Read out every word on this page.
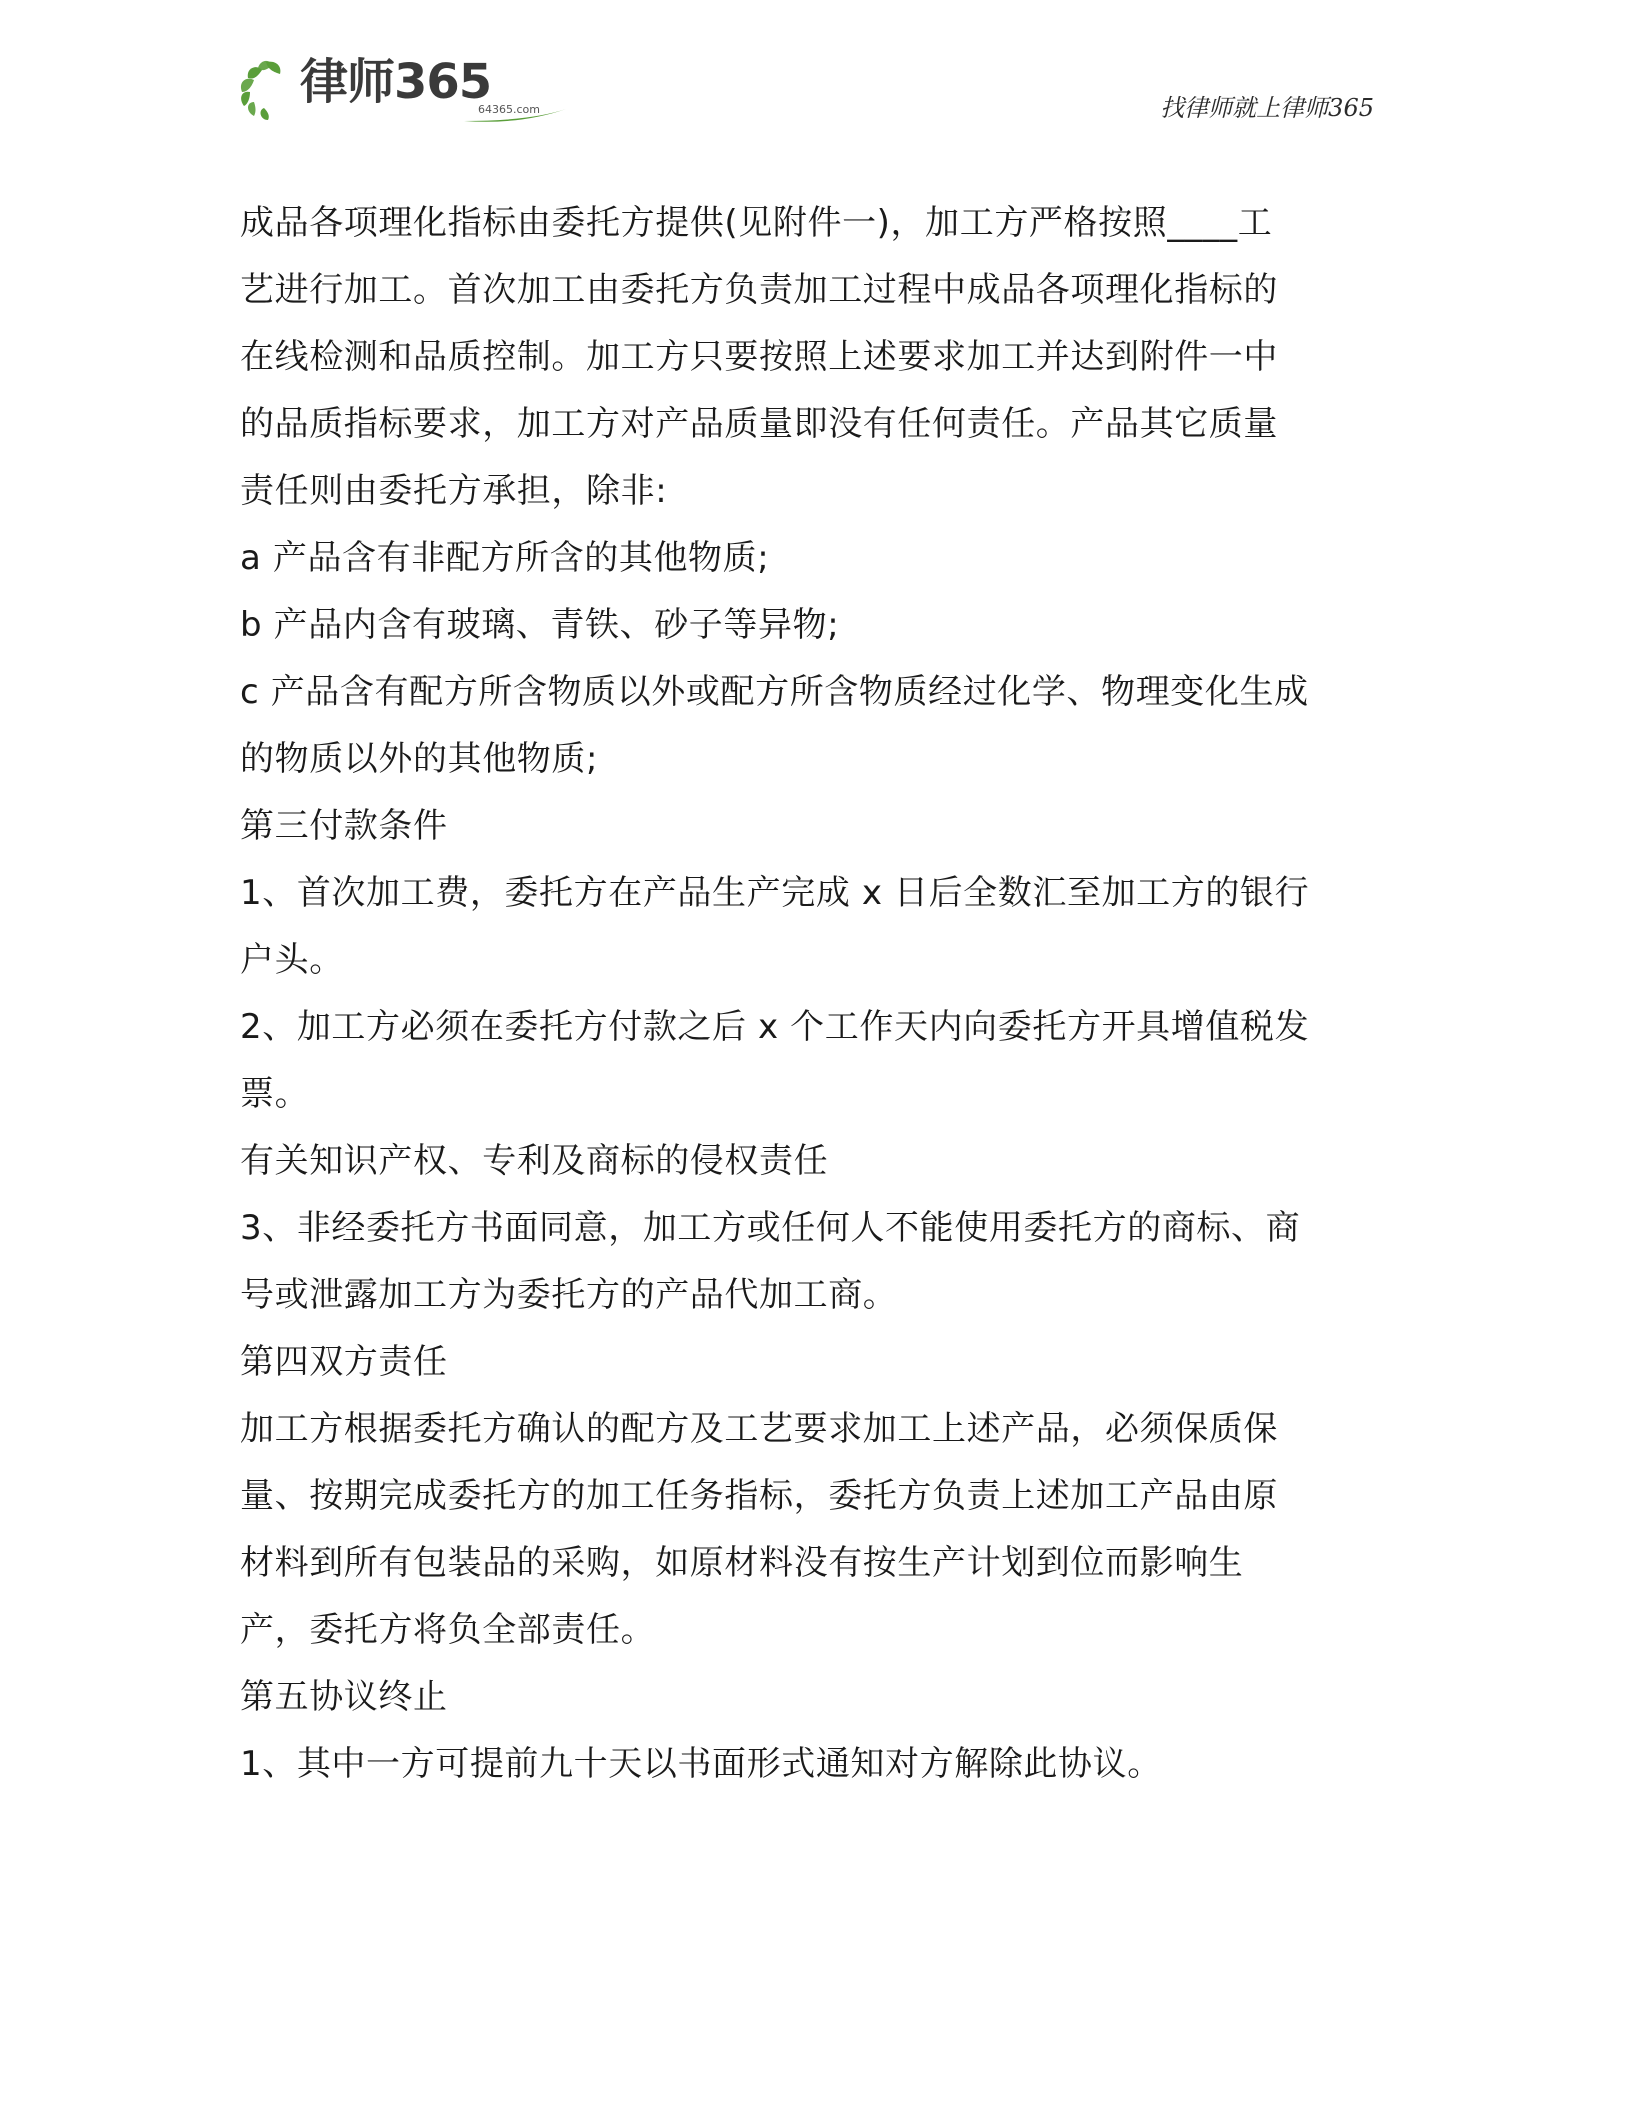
律师365
64365.com	找律师就上律师365
成品各项理化指标由委托方提供(见附件一)，加工方严格按照____工
艺进行加工。首次加工由委托方负责加工过程中成品各项理化指标的
在线检测和品质控制。加工方只要按照上述要求加工并达到附件一中
的品质指标要求，加工方对产品质量即没有任何责任。产品其它质量
责任则由委托方承担，除非:
a 产品含有非配方所含的其他物质;
b 产品内含有玻璃、青铁、砂子等异物;
c 产品含有配方所含物质以外或配方所含物质经过化学、物理变化生成
的物质以外的其他物质;
第三付款条件
1、首次加工费，委托方在产品生产完成 x 日后全数汇至加工方的银行
户头。
2、加工方必须在委托方付款之后 x 个工作天内向委托方开具增值税发
票。
有关知识产权、专利及商标的侵权责任
3、非经委托方书面同意，加工方或任何人不能使用委托方的商标、商
号或泄露加工方为委托方的产品代加工商。
第四双方责任
加工方根据委托方确认的配方及工艺要求加工上述产品，必须保质保
量、按期完成委托方的加工任务指标，委托方负责上述加工产品由原
材料到所有包装品的采购，如原材料没有按生产计划到位而影响生
产，委托方将负全部责任。
第五协议终止
1、其中一方可提前九十天以书面形式通知对方解除此协议。
